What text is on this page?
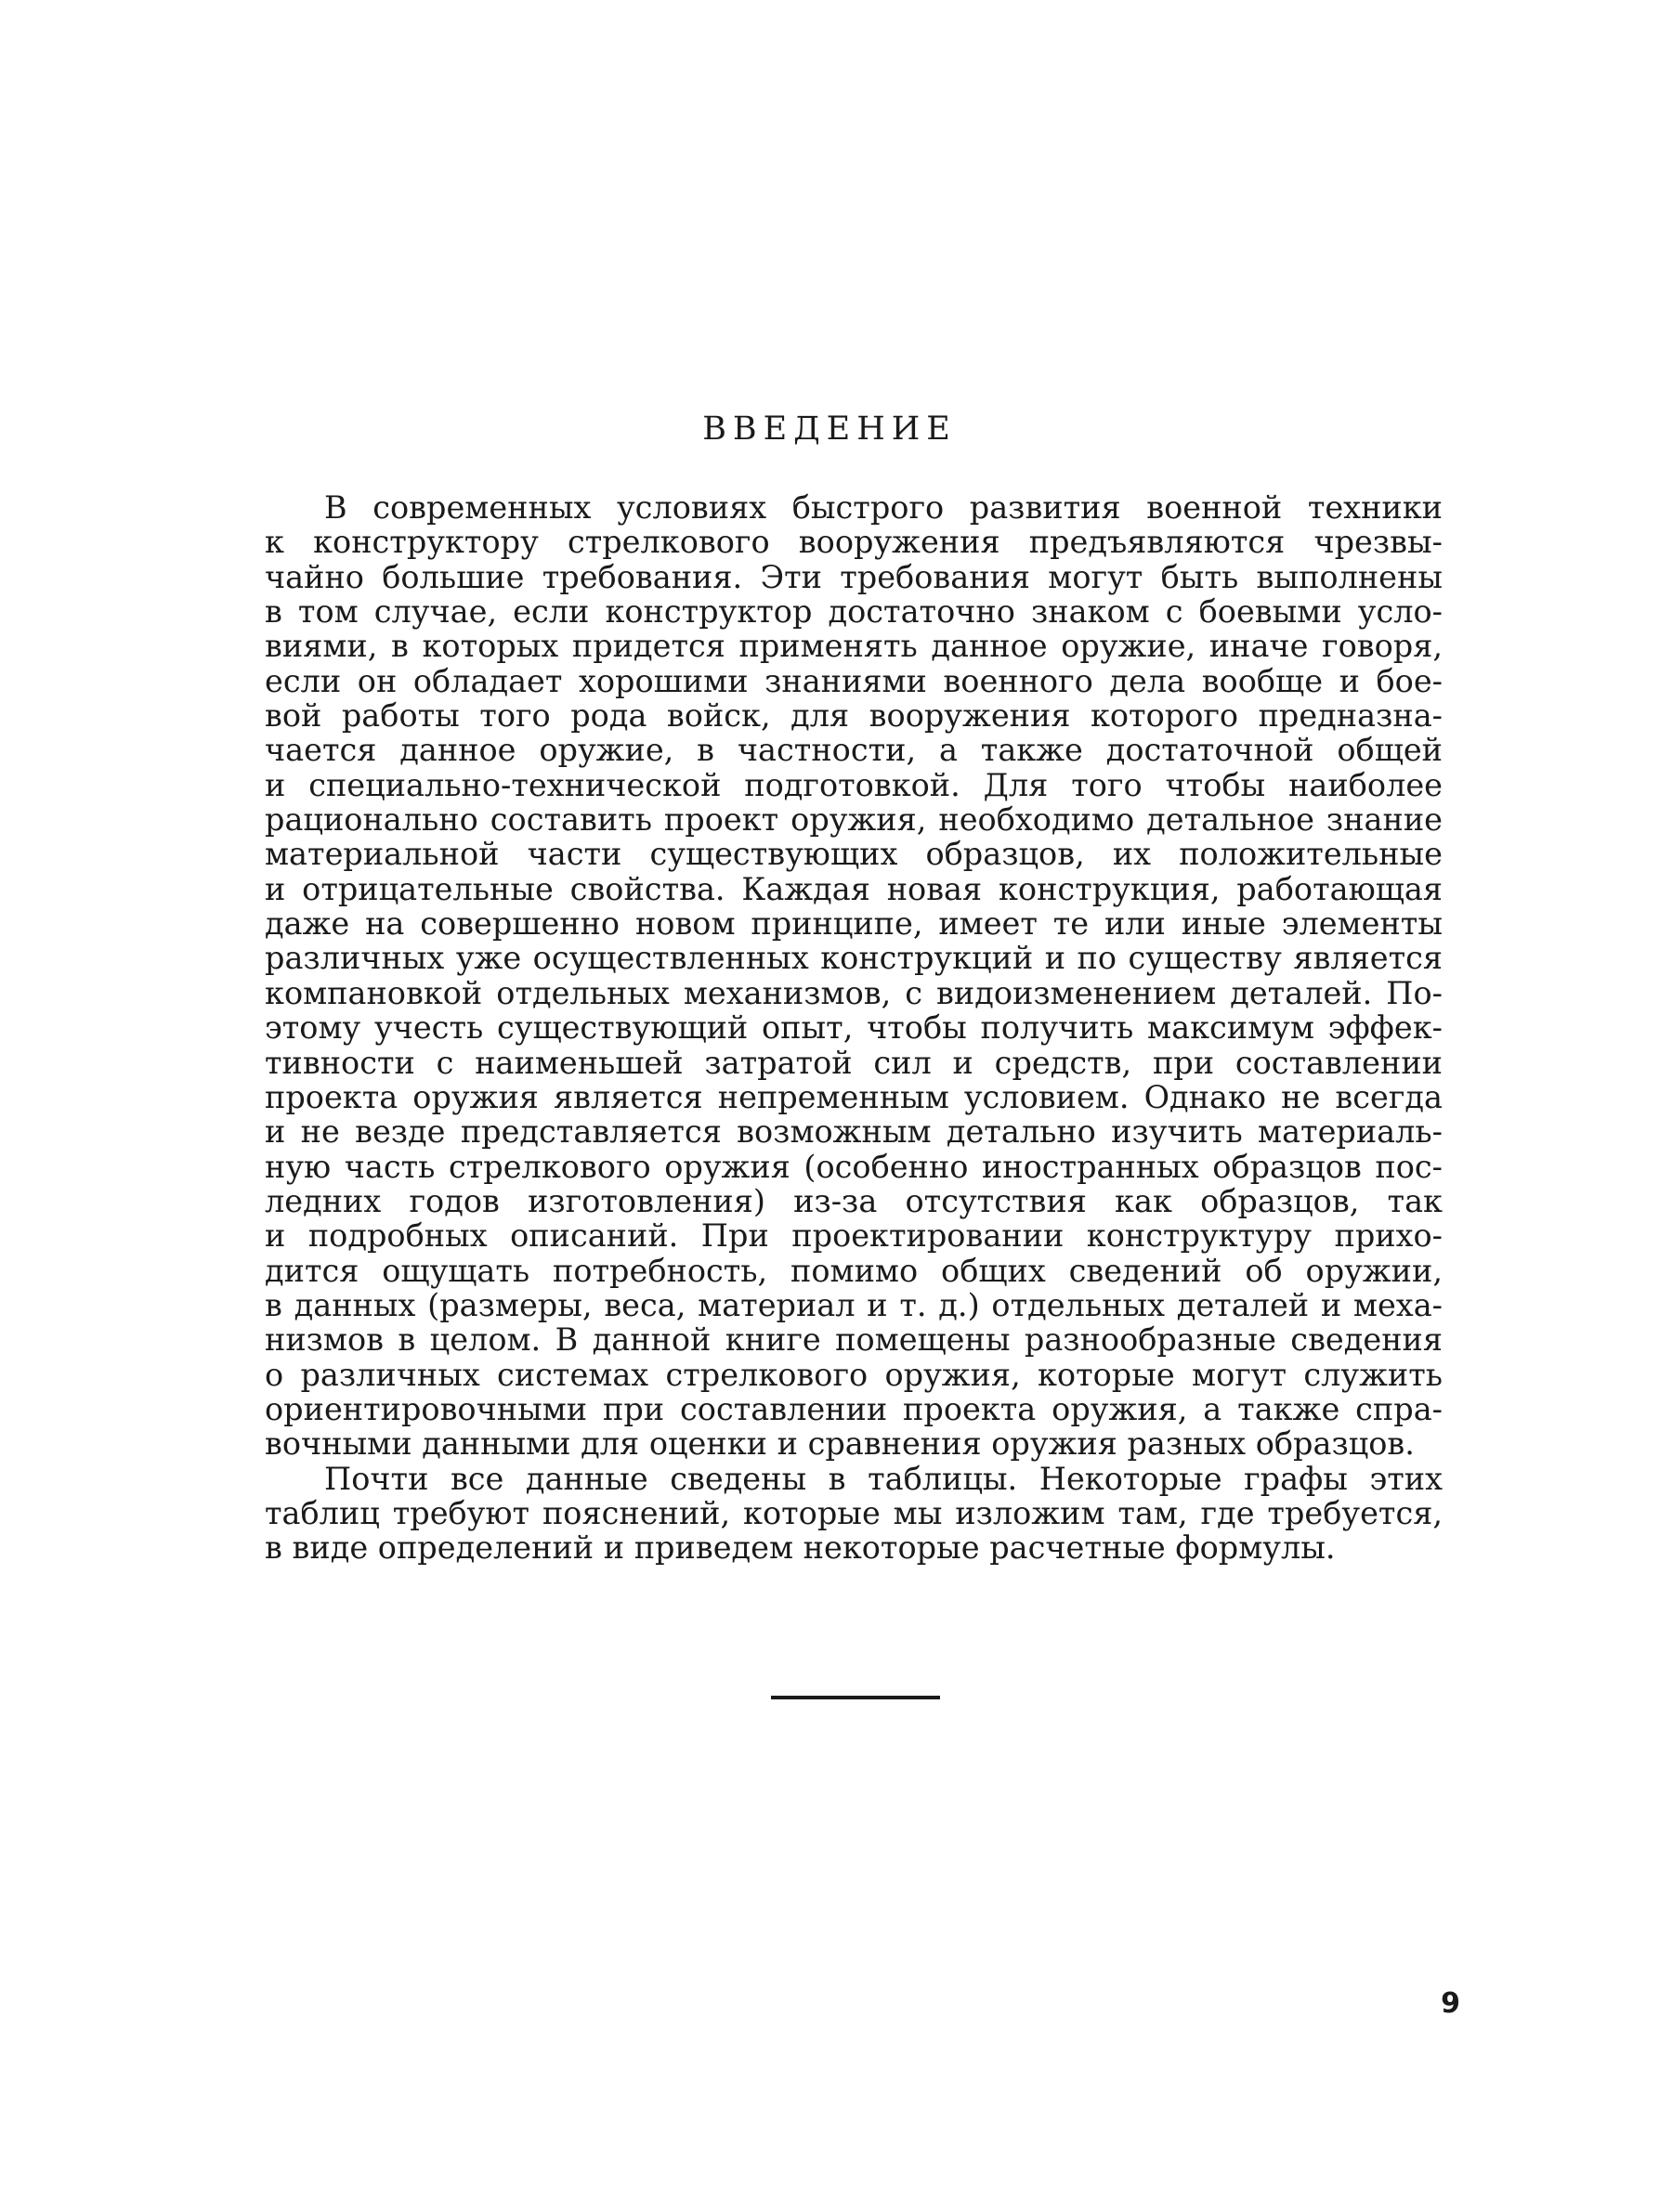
ВВЕДЕНИЕ

В современных условиях быстрого развития военной техники
к конструктору стрелкового вооружения предъявляются чрезвы-
чайно большие требования. Эти требования могут быть выполнены
в том случае, если конструктор достаточно знаком с боевыми усло-
виями, в которых придется применять данное оружие, иначе говоря,
если он обладает хорошими знаниями военного дела вообще и бое-
вой работы того рода войск, для вооружения которого предназна-
чается данное оружие, в частности, а также достаточной общей
и специально-технической подготовкой. Для того чтобы наиболее
рационально составить проект оружия, необходимо детальное знание
материальной части существующих образцов, их положительные
и отрицательные свойства. Каждая новая конструкция, работающая
даже на совершенно новом принципе, имеет те или иные элементы
различных уже осуществленных конструкций и по существу является
компановкой отдельных механизмов, с видоизменением деталей. По-
этому учесть существующий опыт, чтобы получить максимум эффек-
тивности с наименьшей затратой сил и средств, при составлении
проекта оружия является непременным условием. Однако не всегда
и не везде представляется возможным детально изучить материаль-
ную часть стрелкового оружия (особенно иностранных образцов пос-
ледних годов изготовления) из-за отсутствия как образцов, так
и подробных описаний. При проектировании конструктуру прихо-
дится ощущать потребность, помимо общих сведений об оружии,
в данных (размеры, веса, материал и т. д.) отдельных деталей и меха-
низмов в целом. В данной книге помещены разнообразные сведения
о различных системах стрелкового оружия, которые могут служить
ориентировочными при составлении проекта оружия, а также спра-
вочными данными для оценки и сравнения оружия разных образцов.

Почти все данные сведены в таблицы. Некоторые графы этих
таблиц требуют пояснений, которые мы изложим там, где требуется,
в виде определений и приведем некоторые расчетные формулы.

9
